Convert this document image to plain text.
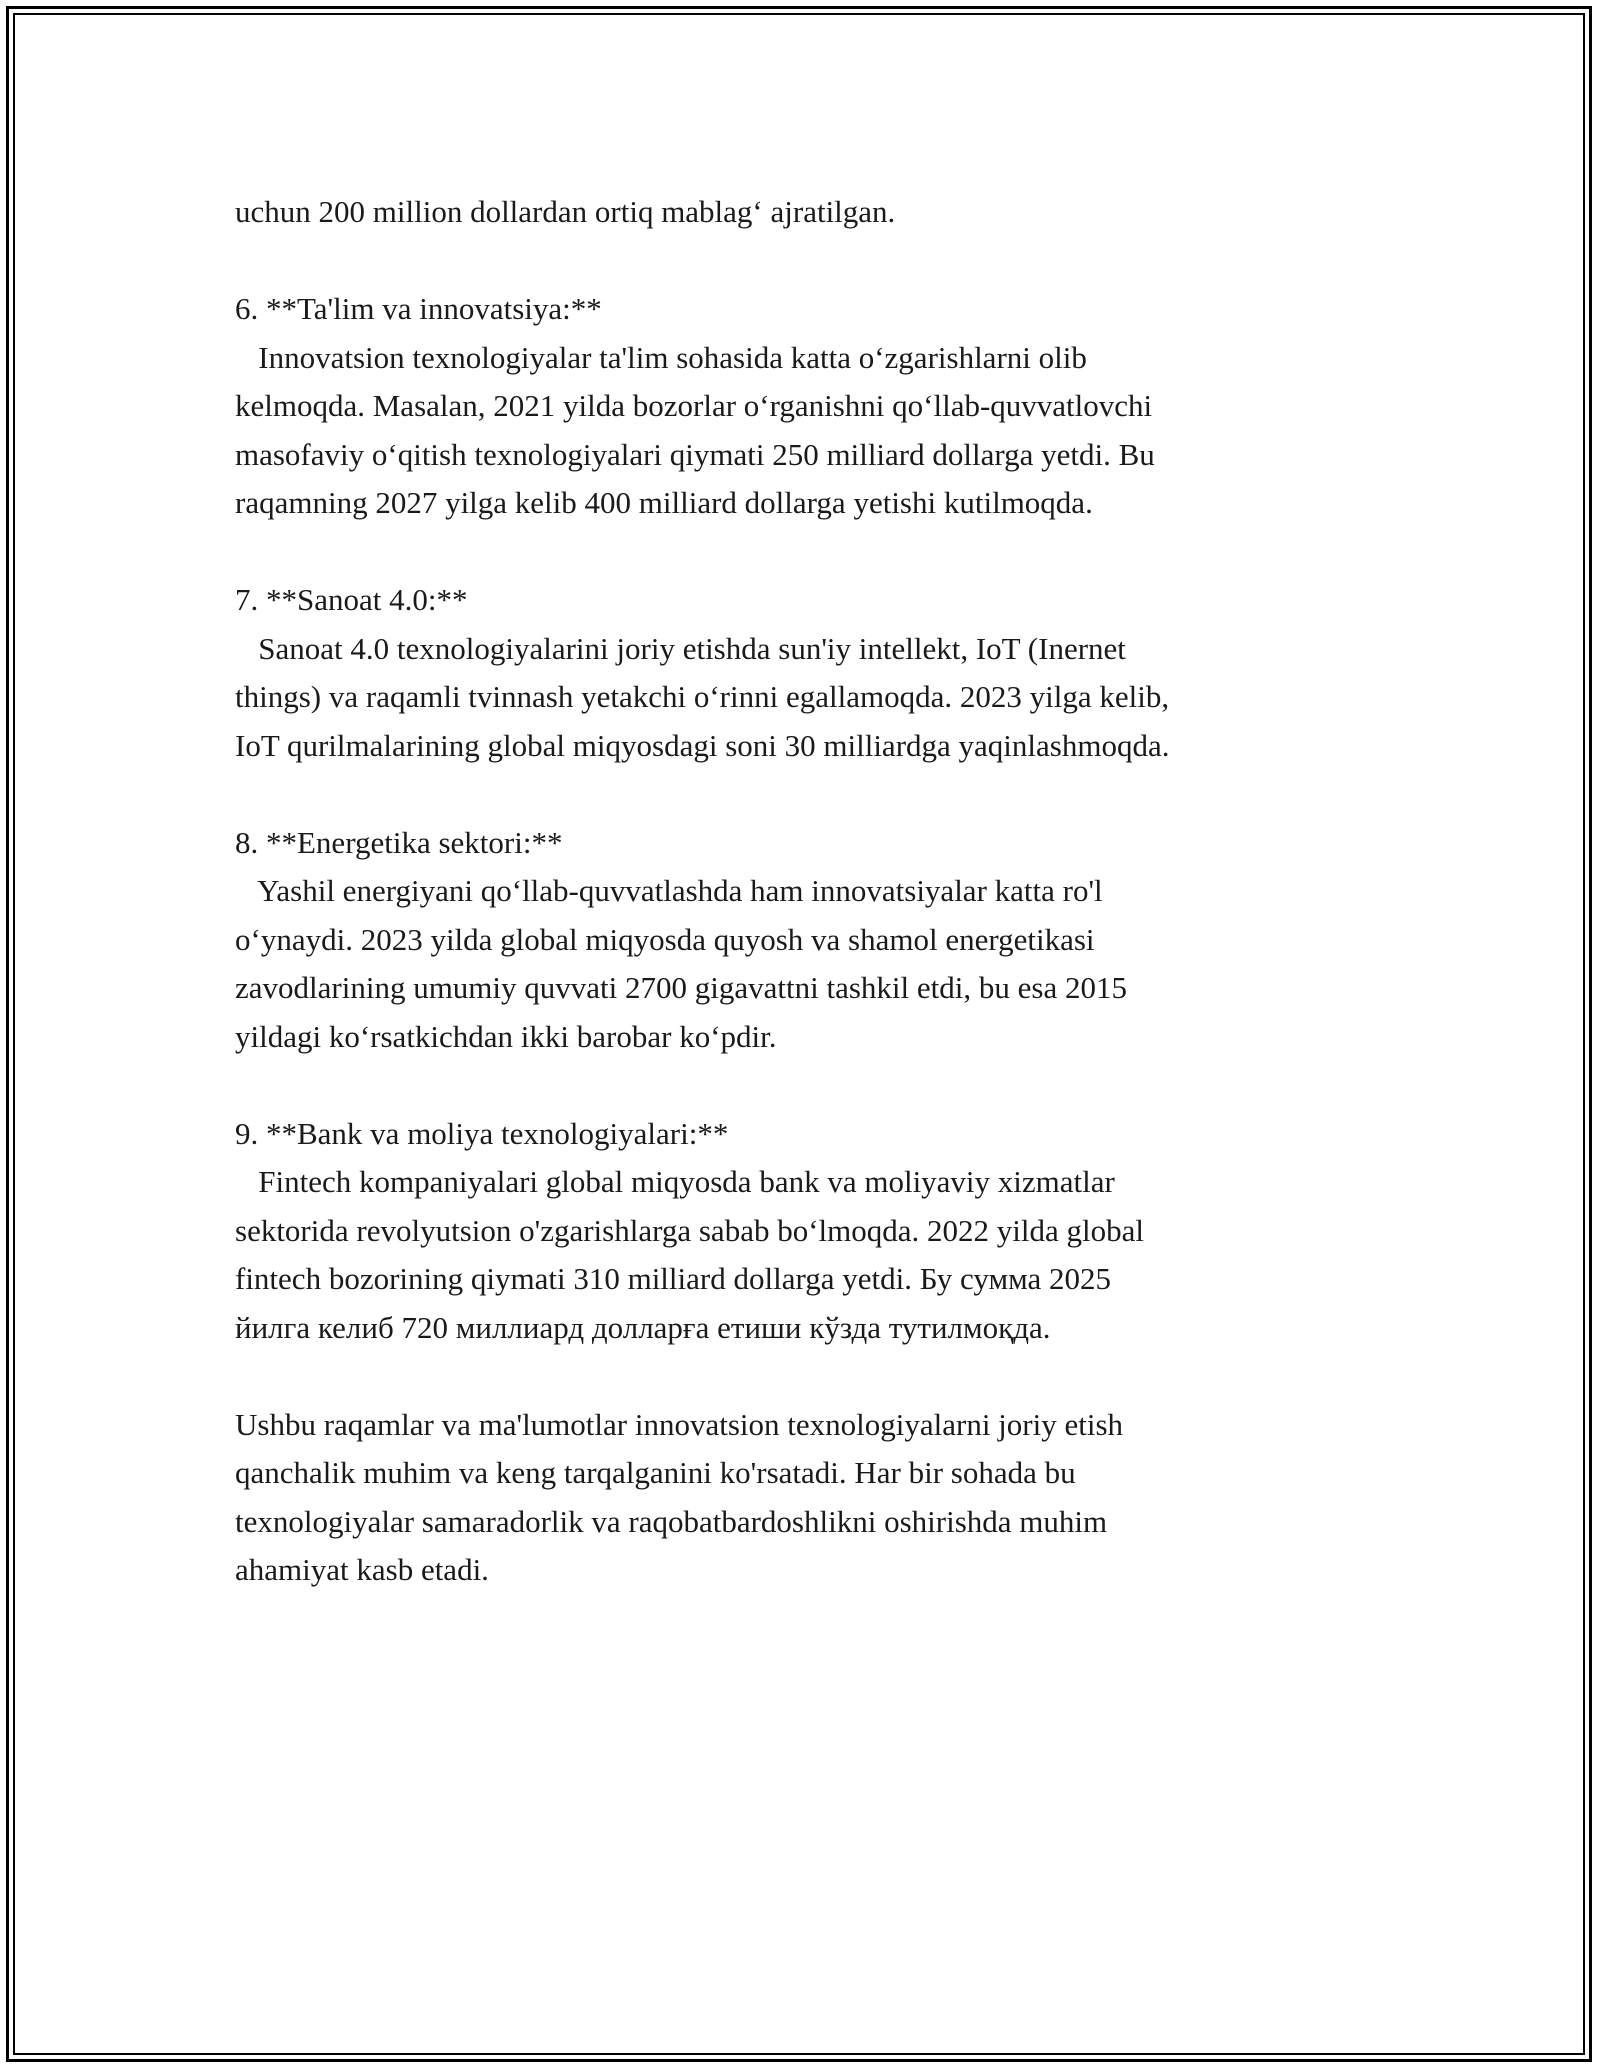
uchun 200 million dollardan ortiq mablag‘ ajratilgan.
6. **Ta'lim va innovatsiya:**
Innovatsion texnologiyalar ta'lim sohasida katta o‘zgarishlarni olib
kelmoqda. Masalan, 2021 yilda bozorlar o‘rganishni qo‘llab-quvvatlovchi
masofaviy o‘qitish texnologiyalari qiymati 250 milliard dollarga yetdi. Bu
raqamning 2027 yilga kelib 400 milliard dollarga yetishi kutilmoqda.
7. **Sanoat 4.0:**
Sanoat 4.0 texnologiyalarini joriy etishda sun'iy intellekt, IoT (Inernet
things) va raqamli tvinnash yetakchi o‘rinni egallamoqda. 2023 yilga kelib,
IoT qurilmalarining global miqyosdagi soni 30 milliardga yaqinlashmoqda.
8. **Energetika sektori:**
Yashil energiyani qo‘llab-quvvatlashda ham innovatsiyalar katta ro'l
o‘ynaydi. 2023 yilda global miqyosda quyosh va shamol energetikasi
zavodlarining umumiy quvvati 2700 gigavattni tashkil etdi, bu esa 2015
yildagi ko‘rsatkichdan ikki barobar ko‘pdir.
9. **Bank va moliya texnologiyalari:**
Fintech kompaniyalari global miqyosda bank va moliyaviy xizmatlar
sektorida revolyutsion o'zgarishlarga sabab bo‘lmoqda. 2022 yilda global
fintech bozorining qiymati 310 milliard dollarga yetdi. Бу сумма 2025
йилга келиб 720 миллиард долларға етиши кўзда тутилмоқда.
Ushbu raqamlar va ma'lumotlar innovatsion texnologiyalarni joriy etish
qanchalik muhim va keng tarqalganini ko'rsatadi. Har bir sohada bu
texnologiyalar samaradorlik va raqobatbardoshlikni oshirishda muhim
ahamiyat kasb etadi.
